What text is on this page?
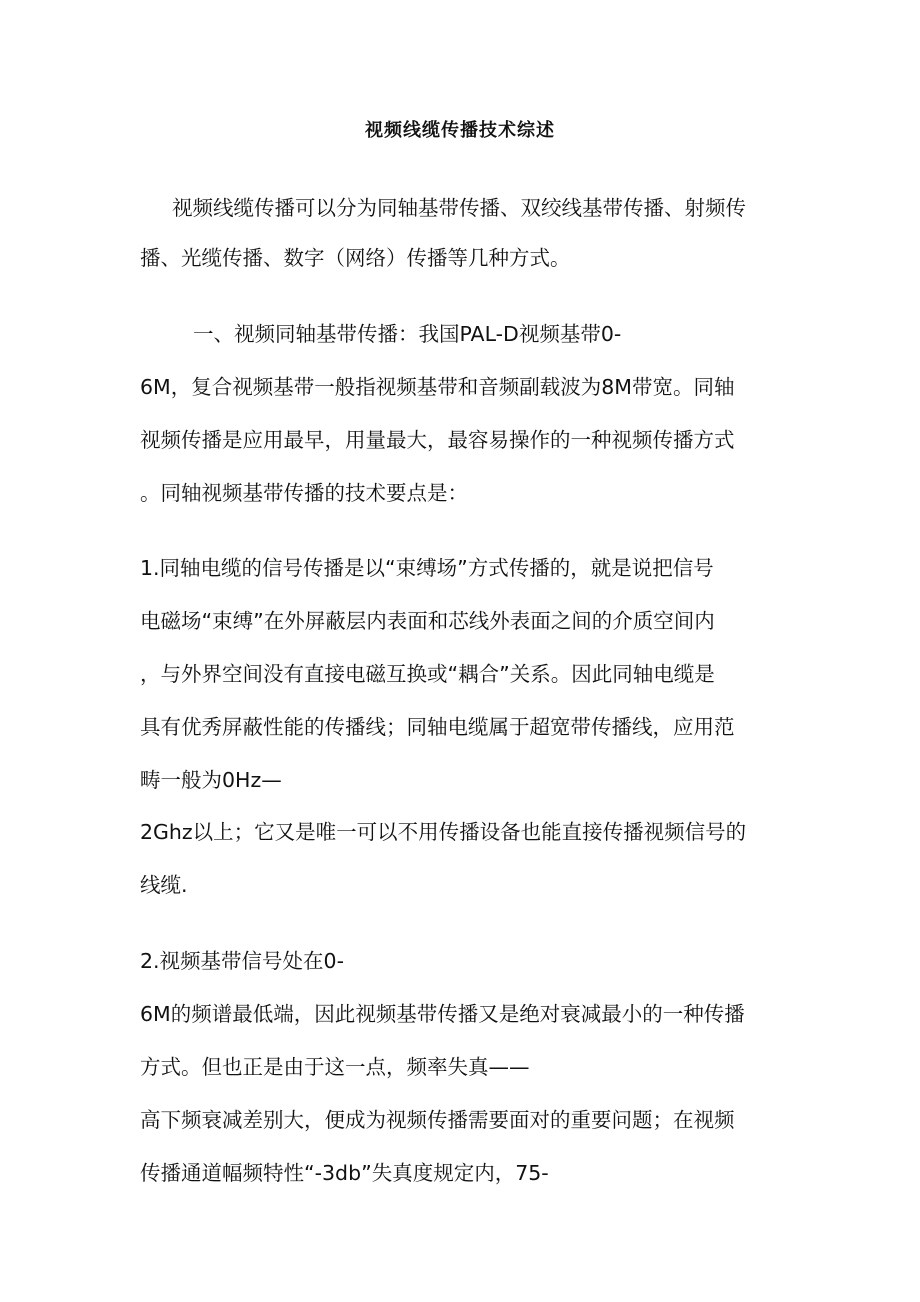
视频线缆传播技术综述
视频线缆传播可以分为同轴基带传播、双绞线基带传播、射频传
播、光缆传播、数字（网络）传播等几种方式。
一、视频同轴基带传播：我国PAL-D视频基带0-
6M，复合视频基带一般指视频基带和音频副载波为8M带宽。同轴
视频传播是应用最早，用量最大，最容易操作的一种视频传播方式
。同轴视频基带传播的技术要点是：
1.同轴电缆的信号传播是以“束缚场”方式传播的，就是说把信号
电磁场“束缚”在外屏蔽层内表面和芯线外表面之间的介质空间内
，与外界空间没有直接电磁互换或“耦合”关系。因此同轴电缆是
具有优秀屏蔽性能的传播线；同轴电缆属于超宽带传播线，应用范
畴一般为0Hz—
2Ghz以上；它又是唯一可以不用传播设备也能直接传播视频信号的
线缆.
2.视频基带信号处在0-
6M的频谱最低端，因此视频基带传播又是绝对衰减最小的一种传播
方式。但也正是由于这一点，频率失真——
高下频衰减差别大，便成为视频传播需要面对的重要问题；在视频
传播通道幅频特性“-3db”失真度规定内，75-
